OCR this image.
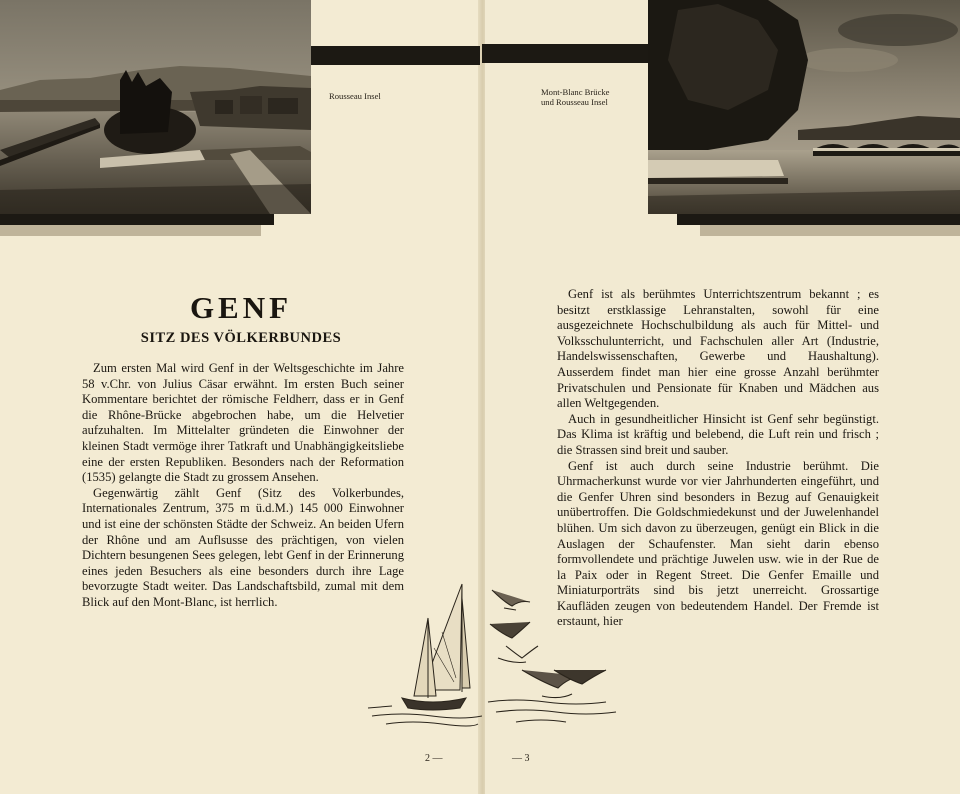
Rousseau Insel
GENF
SITZ DES VÖLKERBUNDES

Zum ersten Mal wird Genf in der Weltsgeschichte im Jahre 58 v.Chr. von Julius Cäsar erwähnt. Im ersten Buch seiner Kommentare berichtet der römische Feldherr, dass er in Genf die Rhône-Brücke abgebrochen habe, um die Helvetier aufzuhalten. Im Mittelalter gründeten die Einwohner der kleinen Stadt vermöge ihrer Tatkraft und Unabhängigkeitsliebe eine der ersten Republiken. Besonders nach der Reformation (1535) gelangte die Stadt zu grossem Ansehen.

Gegenwärtig zählt Genf (Sitz des Volkerbundes, Internationales Zentrum, 375 m ü.d.M.) 145 000 Einwohner und ist eine der schönsten Städte der Schweiz. An beiden Ufern der Rhône und am Auflsusse des prächtigen, von vielen Dichtern besungenen Sees gelegen, lebt Genf in der Erinnerung eines jeden Besuchers als eine besonders durch ihre Lage bevorzugte Stadt weiter. Das Landschaftsbild, zumal mit dem Blick auf den Mont-Blanc, ist herrlich.

2 —
Mont-Blanc Brücke
und Rousseau Insel

Genf ist als berühmtes Unterrichtszentrum bekannt ; es besitzt erstklassige Lehranstalten, sowohl für eine ausgezeichnete Hochschulbildung als auch für Mittel- und Volksschulunterricht, und Fachschulen aller Art (Industrie, Handelswissenschaften, Gewerbe und Haushaltung). Ausserdem findet man hier eine grosse Anzahl berühmter Privatschulen und Pensionate für Knaben und Mädchen aus allen Weltgegenden.

Auch in gesundheitlicher Hinsicht ist Genf sehr begünstigt. Das Klima ist kräftig und belebend, die Luft rein und frisch ; die Strassen sind breit und sauber.

Genf ist auch durch seine Industrie berühmt. Die Uhrmacherkunst wurde vor vier Jahrhunderten eingeführt, und die Genfer Uhren sind besonders in Bezug auf Genauigkeit unübertroffen. Die Goldschmiedekunst und der Juwelenhandel blühen. Um sich davon zu überzeugen, genügt ein Blick in die Auslagen der Schaufenster. Man sieht darin ebenso formvollendete und prächtige Juwelen usw. wie in der Rue de la Paix oder in Regent Street. Die Genfer Emaille und Miniaturporträts sind bis jetzt unerreicht. Grossartige Kaufläden zeugen von bedeutendem Handel. Der Fremde ist erstaunt, hier

— 3
